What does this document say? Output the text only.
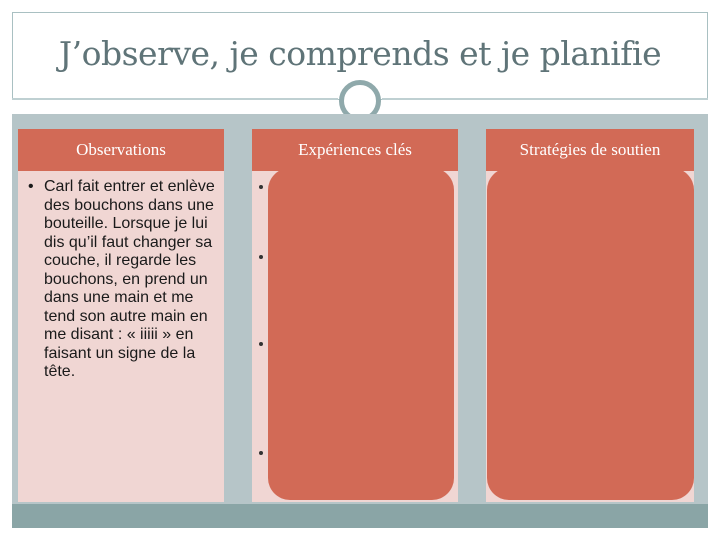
J’observe, je comprends et je planifie
Observations
• Carl fait entrer et enlève des bouchons dans une bouteille. Lorsque je lui dis qu’il faut changer sa couche, il regarde les bouchons, en prend un dans une main et me tend son autre main en me disant : « iiiii » en faisant un signe de la tête.
Expériences clés	Stratégies de soutien
